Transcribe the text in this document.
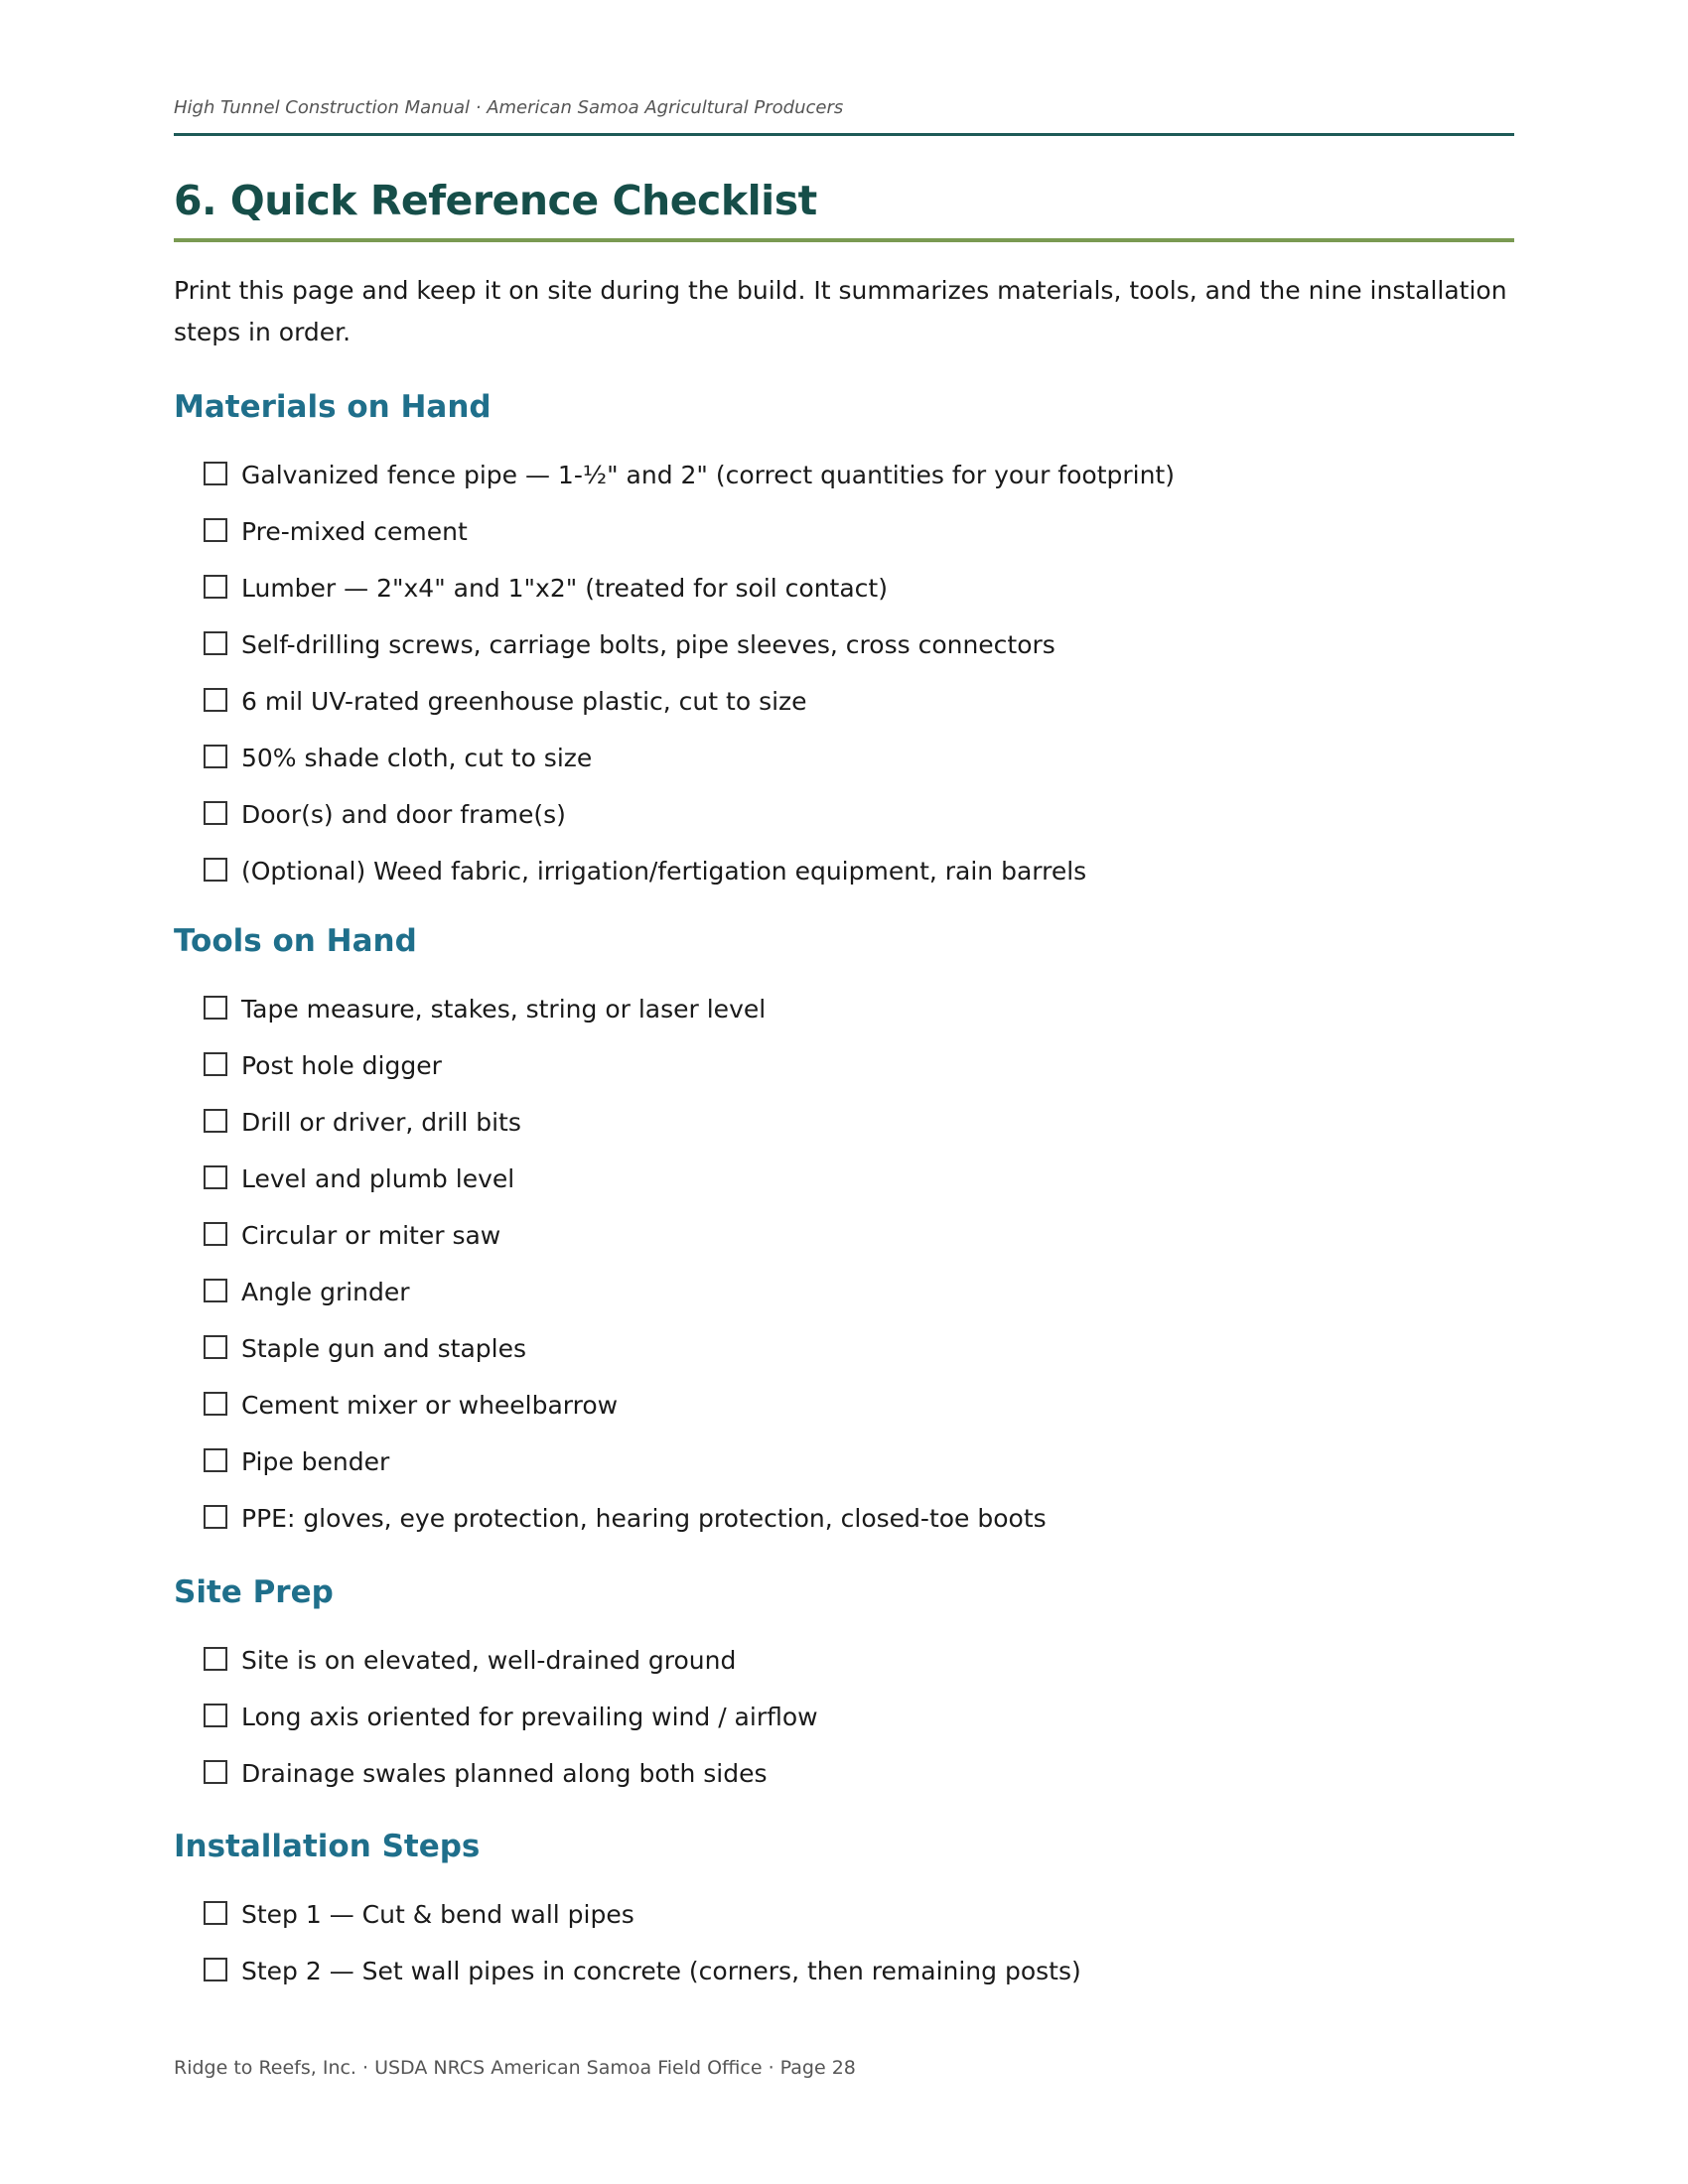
High Tunnel Construction Manual · American Samoa Agricultural Producers
6. Quick Reference Checklist

Print this page and keep it on site during the build. It summarizes materials, tools, and the nine installation steps in order.

Materials on Hand
Galvanized fence pipe — 1-½" and 2" (correct quantities for your footprint)
Pre-mixed cement
Lumber — 2"x4" and 1"x2" (treated for soil contact)
Self-drilling screws, carriage bolts, pipe sleeves, cross connectors
6 mil UV-rated greenhouse plastic, cut to size
50% shade cloth, cut to size
Door(s) and door frame(s)
(Optional) Weed fabric, irrigation/fertigation equipment, rain barrels
Tools on Hand
Tape measure, stakes, string or laser level
Post hole digger
Drill or driver, drill bits
Level and plumb level
Circular or miter saw
Angle grinder
Staple gun and staples
Cement mixer or wheelbarrow
Pipe bender
PPE: gloves, eye protection, hearing protection, closed-toe boots
Site Prep
Site is on elevated, well-drained ground
Long axis oriented for prevailing wind / airflow
Drainage swales planned along both sides
Installation Steps
Step 1 — Cut & bend wall pipes
Step 2 — Set wall pipes in concrete (corners, then remaining posts)
Ridge to Reefs, Inc. · USDA NRCS American Samoa Field Office · Page 28
